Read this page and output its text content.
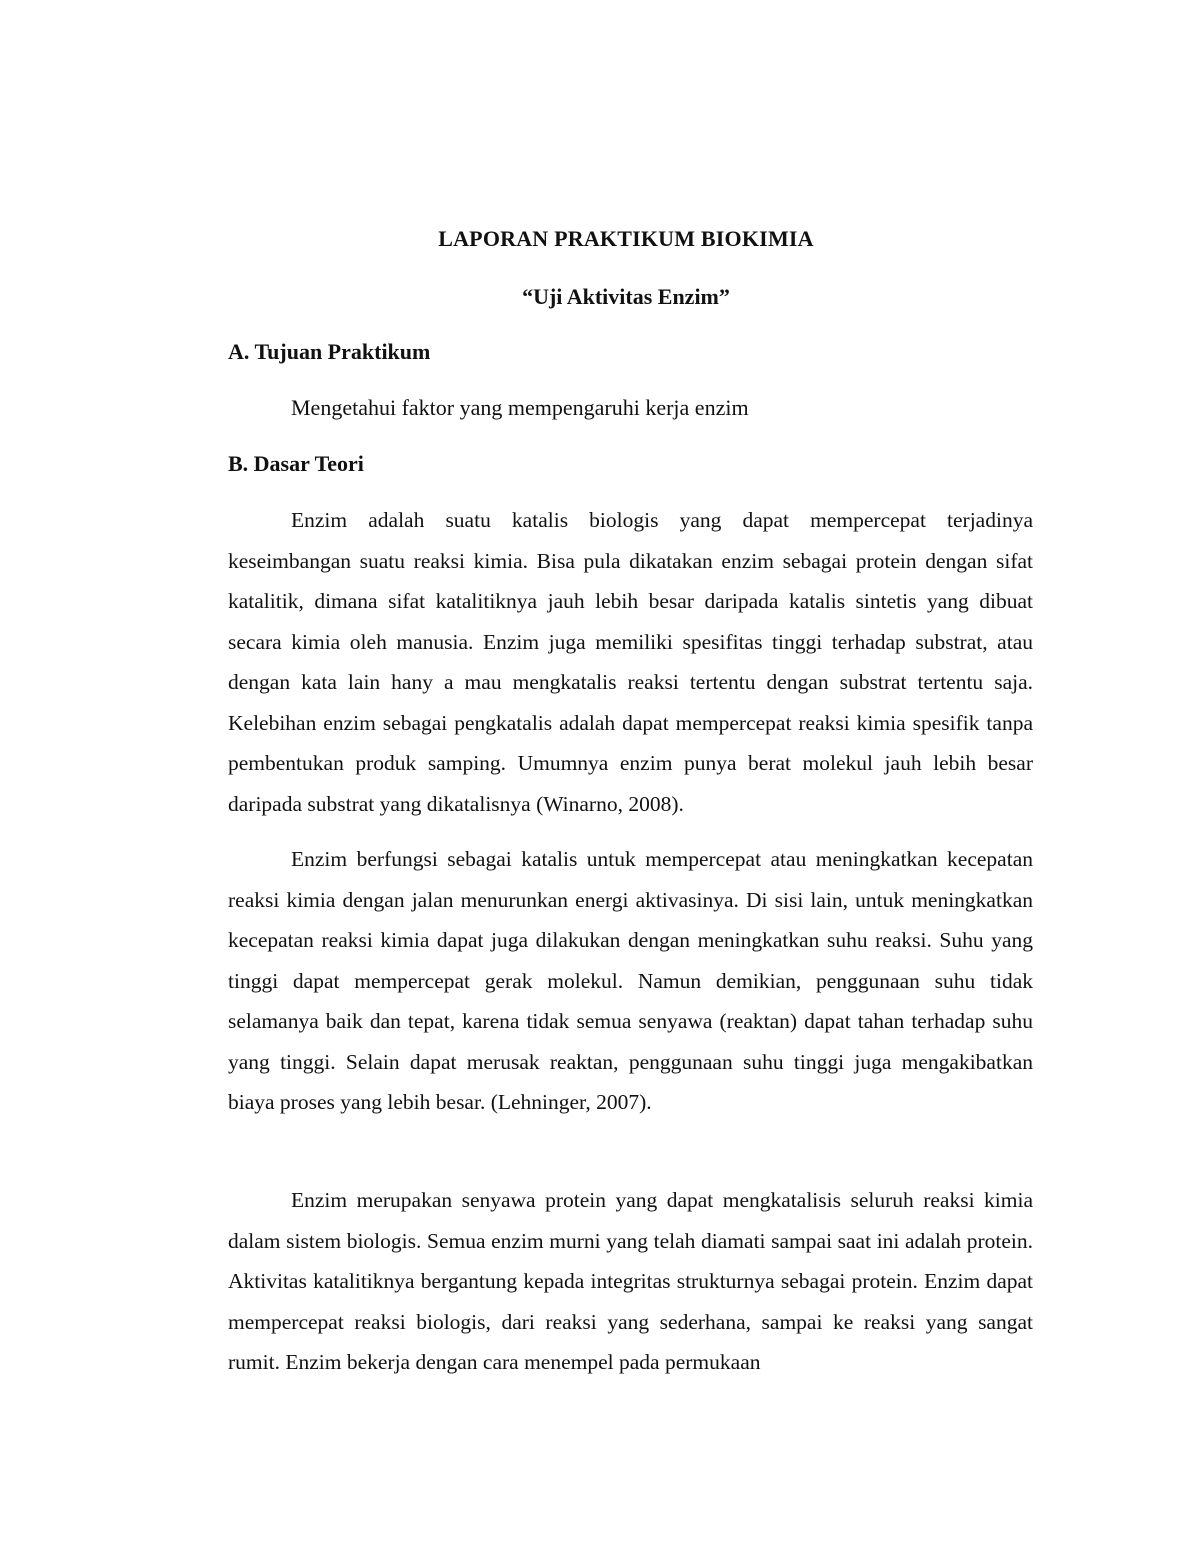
LAPORAN PRAKTIKUM BIOKIMIA
“Uji Aktivitas Enzim”
A. Tujuan Praktikum

Mengetahui faktor yang mempengaruhi kerja enzim

B. Dasar Teori

Enzim adalah suatu katalis biologis yang dapat mempercepat terjadinya keseimbangan suatu reaksi kimia. Bisa pula dikatakan enzim sebagai protein dengan sifat katalitik, dimana sifat katalitiknya jauh lebih besar daripada katalis sintetis yang dibuat secara kimia oleh manusia. Enzim juga memiliki spesifitas tinggi terhadap substrat, atau dengan kata lain hany a mau mengkatalis reaksi tertentu dengan substrat tertentu saja. Kelebihan enzim sebagai pengkatalis adalah dapat mempercepat reaksi kimia spesifik tanpa pembentukan produk samping. Umumnya enzim punya berat molekul jauh lebih besar daripada substrat yang dikatalisnya (Winarno, 2008).

Enzim berfungsi sebagai katalis untuk mempercepat atau meningkatkan kecepatan reaksi kimia dengan jalan menurunkan energi aktivasinya. Di sisi lain, untuk meningkatkan kecepatan reaksi kimia dapat juga dilakukan dengan meningkatkan suhu reaksi. Suhu yang tinggi dapat mempercepat gerak molekul. Namun demikian, penggunaan suhu tidak selamanya baik dan tepat, karena tidak semua senyawa (reaktan) dapat tahan terhadap suhu yang tinggi. Selain dapat merusak reaktan, penggunaan suhu tinggi juga mengakibatkan biaya proses yang lebih besar. (Lehninger, 2007).

Enzim merupakan senyawa protein yang dapat mengkatalisis seluruh reaksi kimia dalam sistem biologis. Semua enzim murni yang telah diamati sampai saat ini adalah protein. Aktivitas katalitiknya bergantung kepada integritas strukturnya sebagai protein. Enzim dapat mempercepat reaksi biologis, dari reaksi yang sederhana, sampai ke reaksi yang sangat rumit. Enzim bekerja dengan cara menempel pada permukaan
